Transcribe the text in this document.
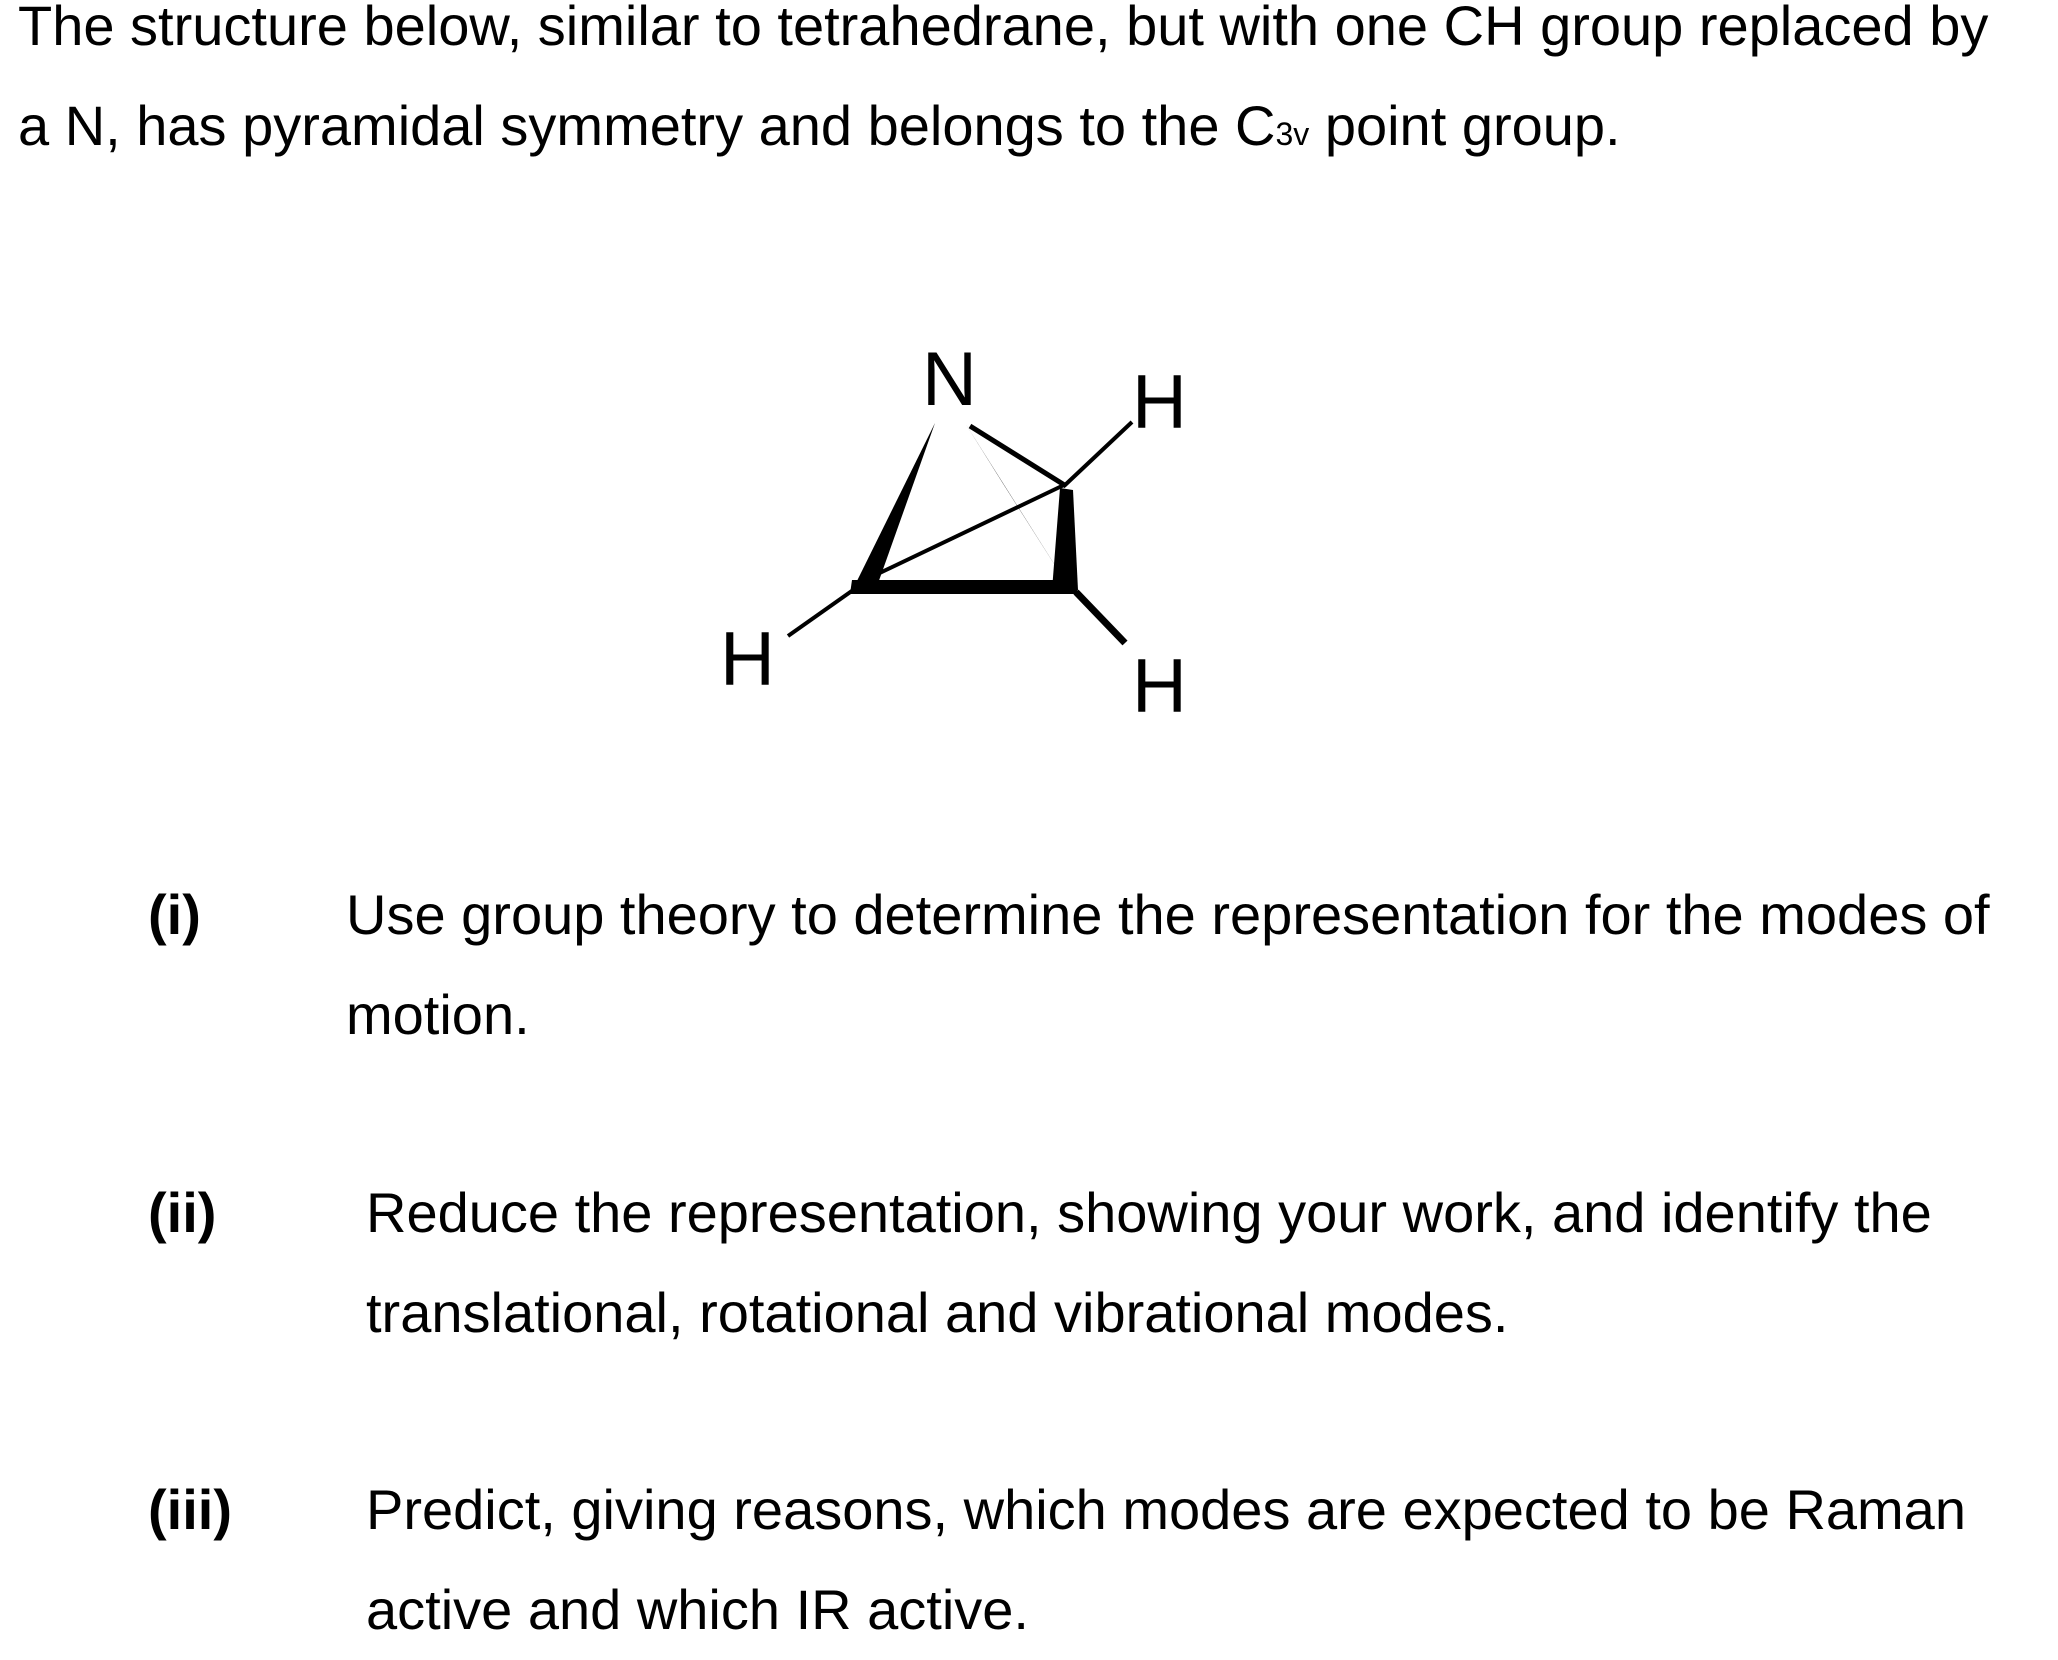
The structure below, similar to tetrahedrane, but with one CH group replaced by
a N, has pyramidal symmetry and belongs to the C3v point group.
N H
H	H
(i)	Use group theory to determine the representation for the modes of
motion.
(ii)	Reduce the representation, showing your work, and identify the
translational, rotational and vibrational modes.
(iii) Predict, giving reasons, which modes are expected to be Raman
active and which IR active.
